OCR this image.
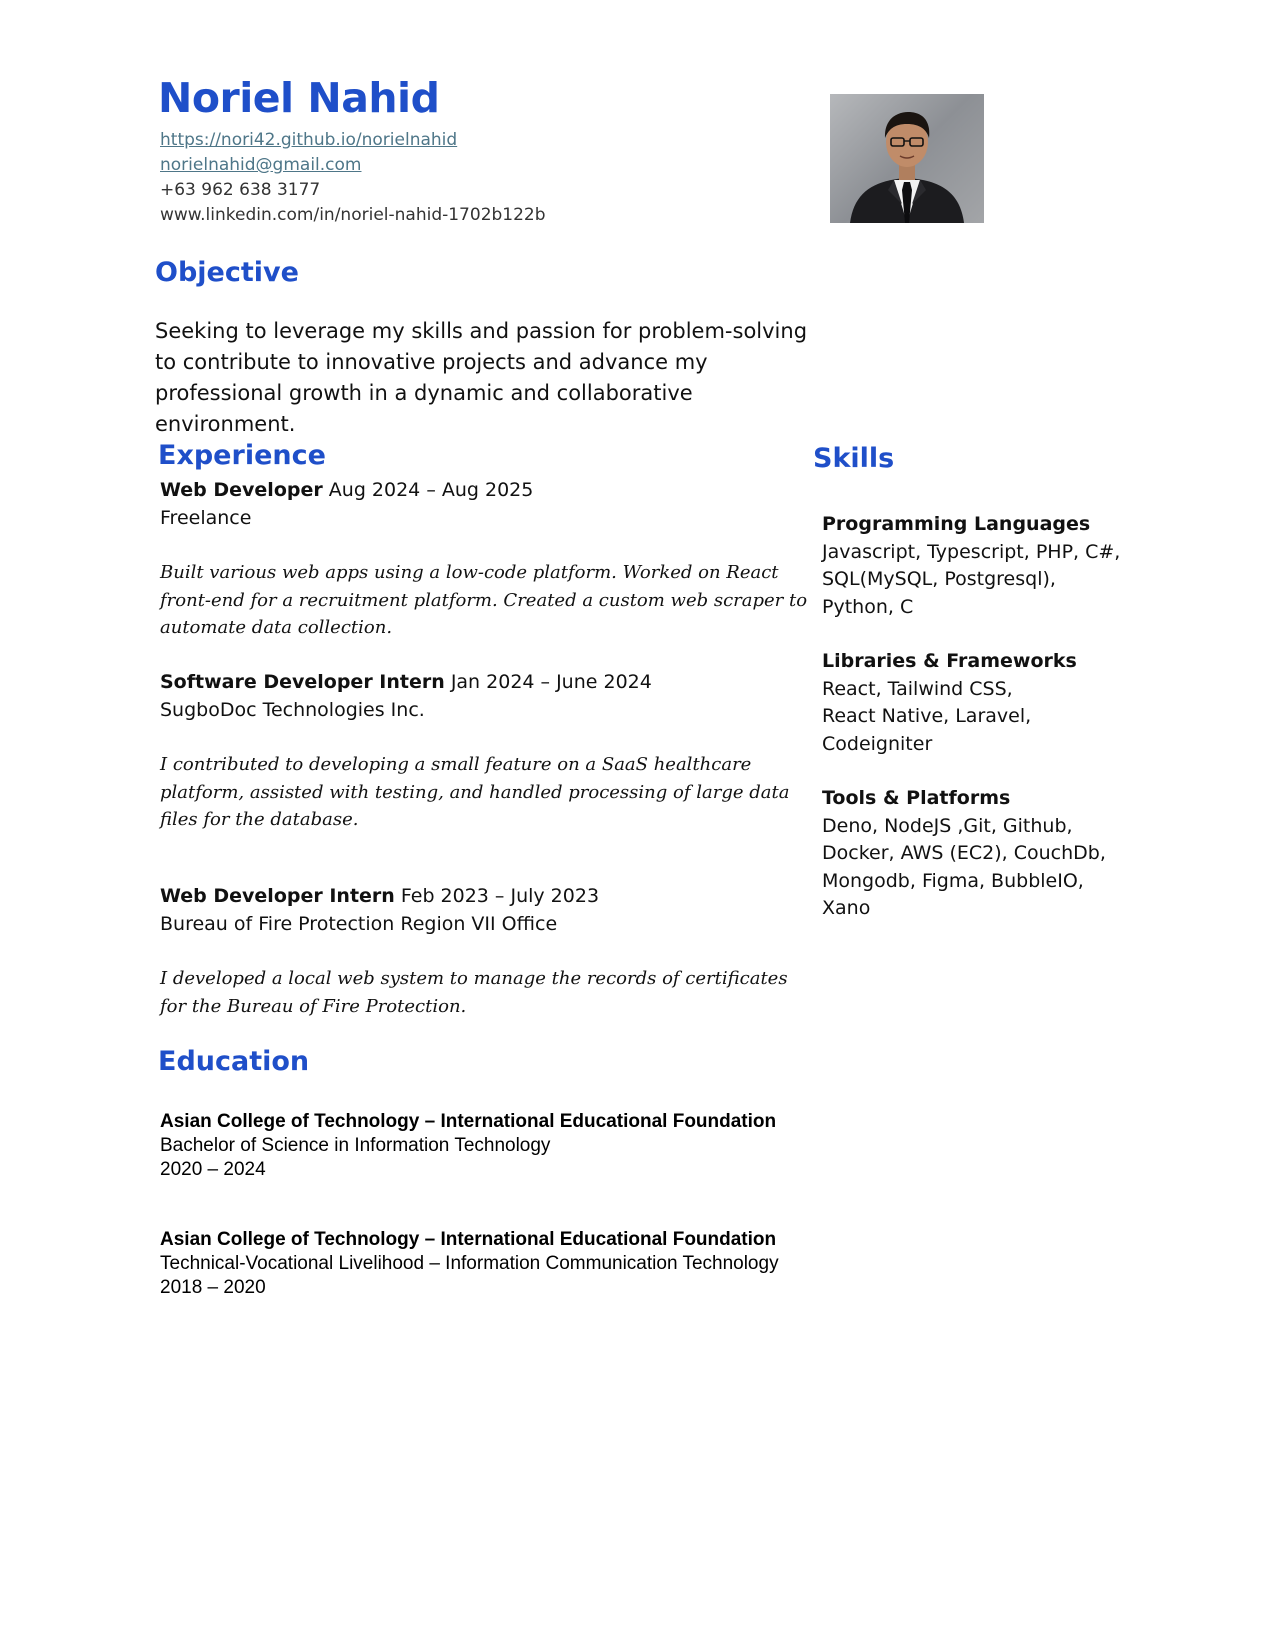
Noriel Nahid
https://nori42.github.io/norielnahid
norielnahid@gmail.com
+63 962 638 3177
www.linkedin.com/in/noriel-nahid-1702b122b
Objective

Seeking to leverage my skills and passion for problem-solving to contribute to innovative projects and advance my professional growth in a dynamic and collaborative environment.

Experience
Web Developer Aug 2024 – Aug 2025
Freelance
Built various web apps using a low-code platform. Worked on React front-end for a recruitment platform. Created a custom web scraper to automate data collection.
Software Developer Intern Jan 2024 – June 2024
SugboDoc Technologies Inc.
I contributed to developing a small feature on a SaaS healthcare platform, assisted with testing, and handled processing of large data files for the database.
Web Developer Intern Feb 2023 – July 2023
Bureau of Fire Protection Region VII Office
I developed a local web system to manage the records of certificates for the Bureau of Fire Protection.
Education
Asian College of Technology – International Educational Foundation
Bachelor of Science in Information Technology
2020 – 2024
Asian College of Technology – International Educational Foundation
Technical-Vocational Livelihood – Information Communication Technology
2018 – 2020
Skills
Programming Languages
Javascript, Typescript, PHP, C#,
SQL(MySQL, Postgresql),
Python, C
Libraries & Frameworks
React, Tailwind CSS,
React Native, Laravel,
Codeigniter
Tools & Platforms
Deno, NodeJS ,Git, Github,
Docker, AWS (EC2), CouchDb,
Mongodb, Figma, BubbleIO,
Xano
